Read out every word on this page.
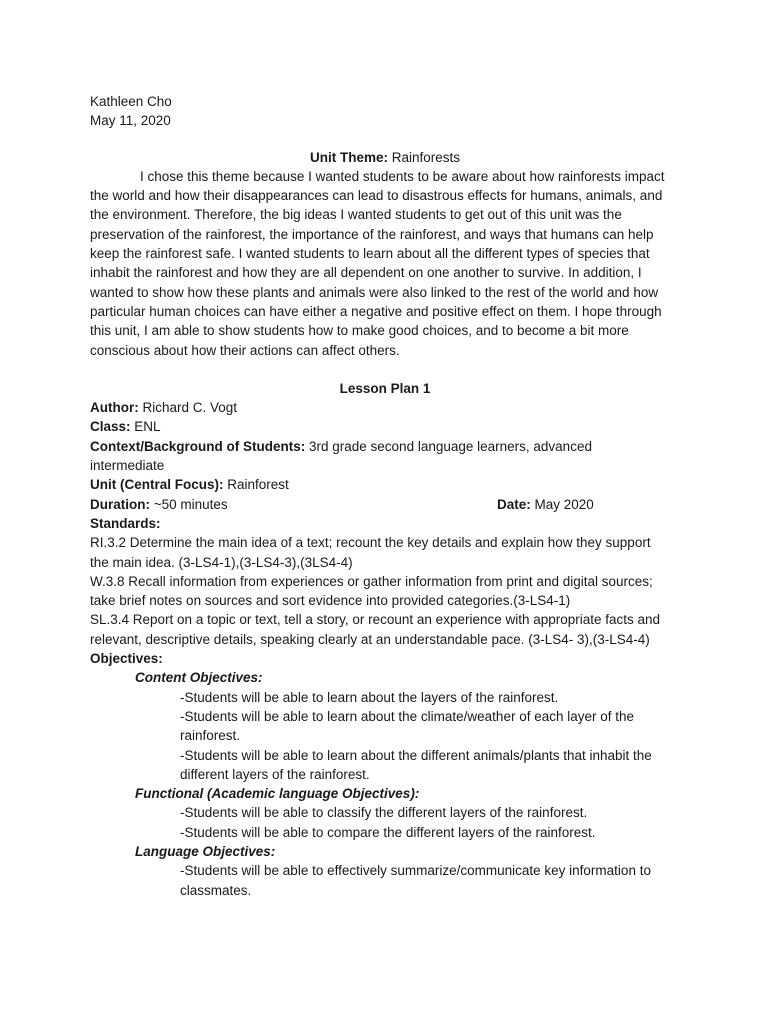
Kathleen Cho
May 11, 2020
Unit Theme: Rainforests
I chose this theme because I wanted students to be aware about how rainforests impact
the world and how their disappearances can lead to disastrous effects for humans, animals, and
the environment. Therefore, the big ideas I wanted students to get out of this unit was the
preservation of the rainforest, the importance of the rainforest, and ways that humans can help
keep the rainforest safe. I wanted students to learn about all the different types of species that
inhabit the rainforest and how they are all dependent on one another to survive. In addition, I
wanted to show how these plants and animals were also linked to the rest of the world and how
particular human choices can have either a negative and positive effect on them. I hope through
this unit, I am able to show students how to make good choices, and to become a bit more
conscious about how their actions can affect others.
Lesson Plan 1
Author: Richard C. Vogt
Class: ENL
Context/Background of Students: 3rd grade second language learners, advanced
intermediate
Unit (Central Focus): Rainforest
Duration: ~50 minutes	Date: May 2020
Standards:
RI.3.2 Determine the main idea of a text; recount the key details and explain how they support
the main idea. (3-LS4-1),(3-LS4-3),(3LS4-4)
W.3.8 Recall information from experiences or gather information from print and digital sources;
take brief notes on sources and sort evidence into provided categories.(3-LS4-1)
SL.3.4 Report on a topic or text, tell a story, or recount an experience with appropriate facts and
relevant, descriptive details, speaking clearly at an understandable pace. (3-LS4- 3),(3-LS4-4)
Objectives:
Content Objectives:
-Students will be able to learn about the layers of the rainforest.
-Students will be able to learn about the climate/weather of each layer of the
rainforest.
-Students will be able to learn about the different animals/plants that inhabit the
different layers of the rainforest.
Functional (Academic language Objectives):
-Students will be able to classify the different layers of the rainforest.
-Students will be able to compare the different layers of the rainforest.
Language Objectives:
-Students will be able to effectively summarize/communicate key information to
classmates.
